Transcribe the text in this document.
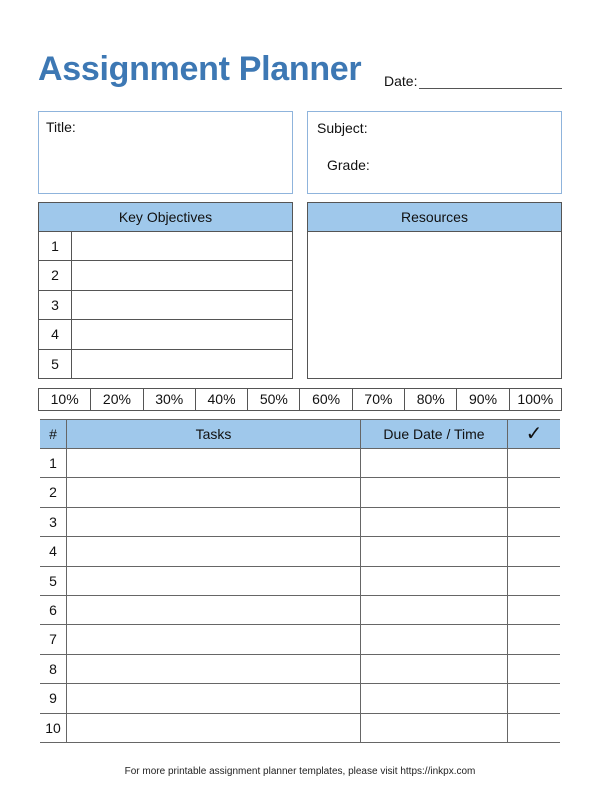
Assignment Planner Date:
Title:	Subject:
Grade:
Key Objectives
1
2
3
4
5
Resources
10%	20%	30%	40%	50%	60%	70%	80%	90%	100%
#	Tasks	Due Date / Time	✓
1
2
3
4
5
6
7
8
9
10
For more printable assignment planner templates, please visit https://inkpx.com
